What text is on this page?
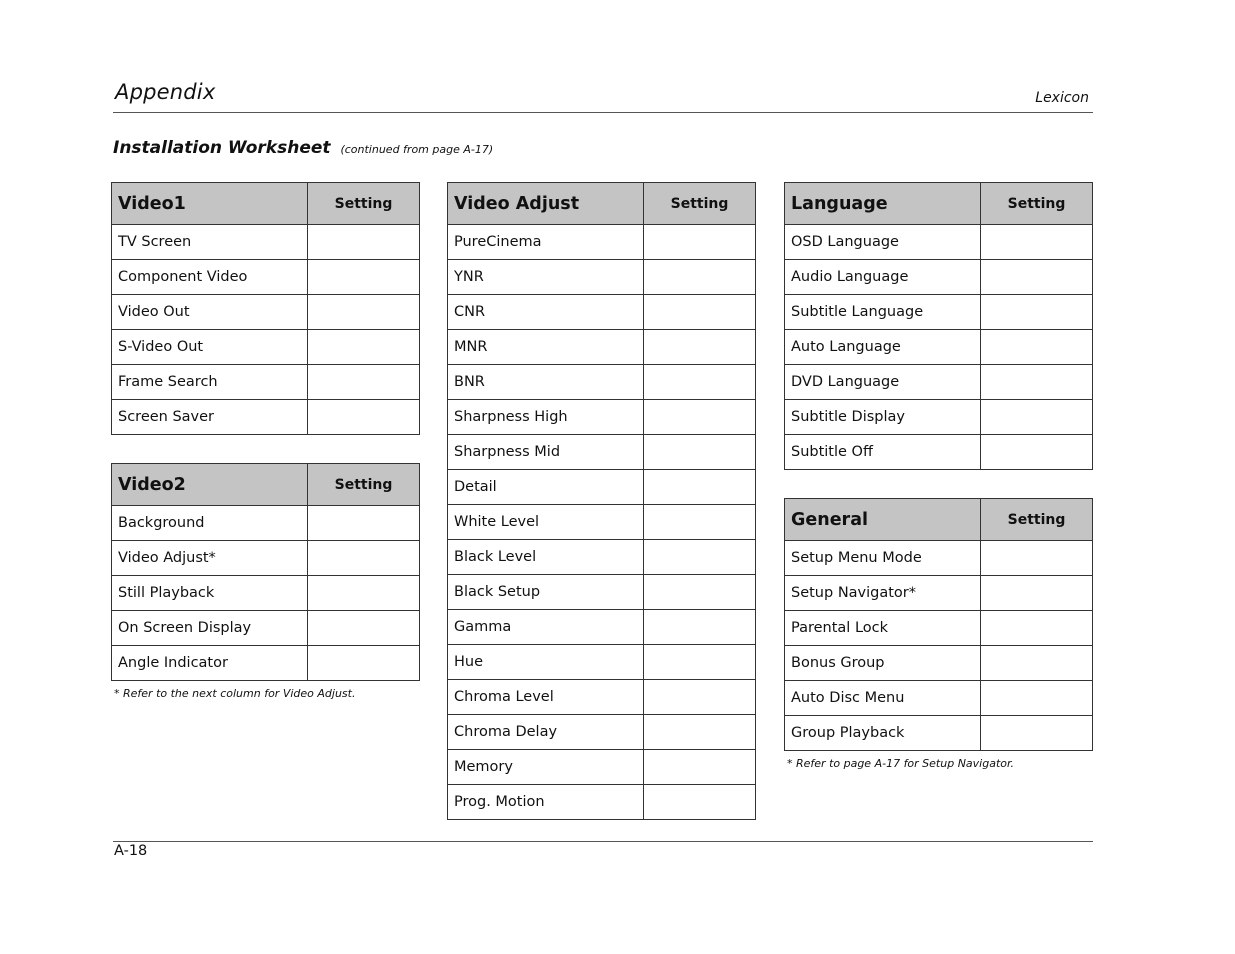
Appendix	Lexicon
Installation Worksheet (continued from page A-17)
Video1	Setting
TV Screen	
Component Video	
Video Out	
S-Video Out	
Frame Search	
Screen Saver	
Video2	Setting
Background	
Video Adjust*	
Still Playback	
On Screen Display	
Angle Indicator	
* Refer to the next column for Video Adjust.
Video Adjust	Setting
PureCinema	
YNR	
CNR	
MNR	
BNR	
Sharpness High	
Sharpness Mid	
Detail	
White Level	
Black Level	
Black Setup	
Gamma	
Hue	
Chroma Level	
Chroma Delay	
Memory	
Prog. Motion	
Language	Setting
OSD Language	
Audio Language	
Subtitle Language	
Auto Language	
DVD Language	
Subtitle Display	
Subtitle Off	
General	Setting
Setup Menu Mode	
Setup Navigator*	
Parental Lock	
Bonus Group	
Auto Disc Menu	
Group Playback	
* Refer to page A-17 for Setup Navigator.
A-18
